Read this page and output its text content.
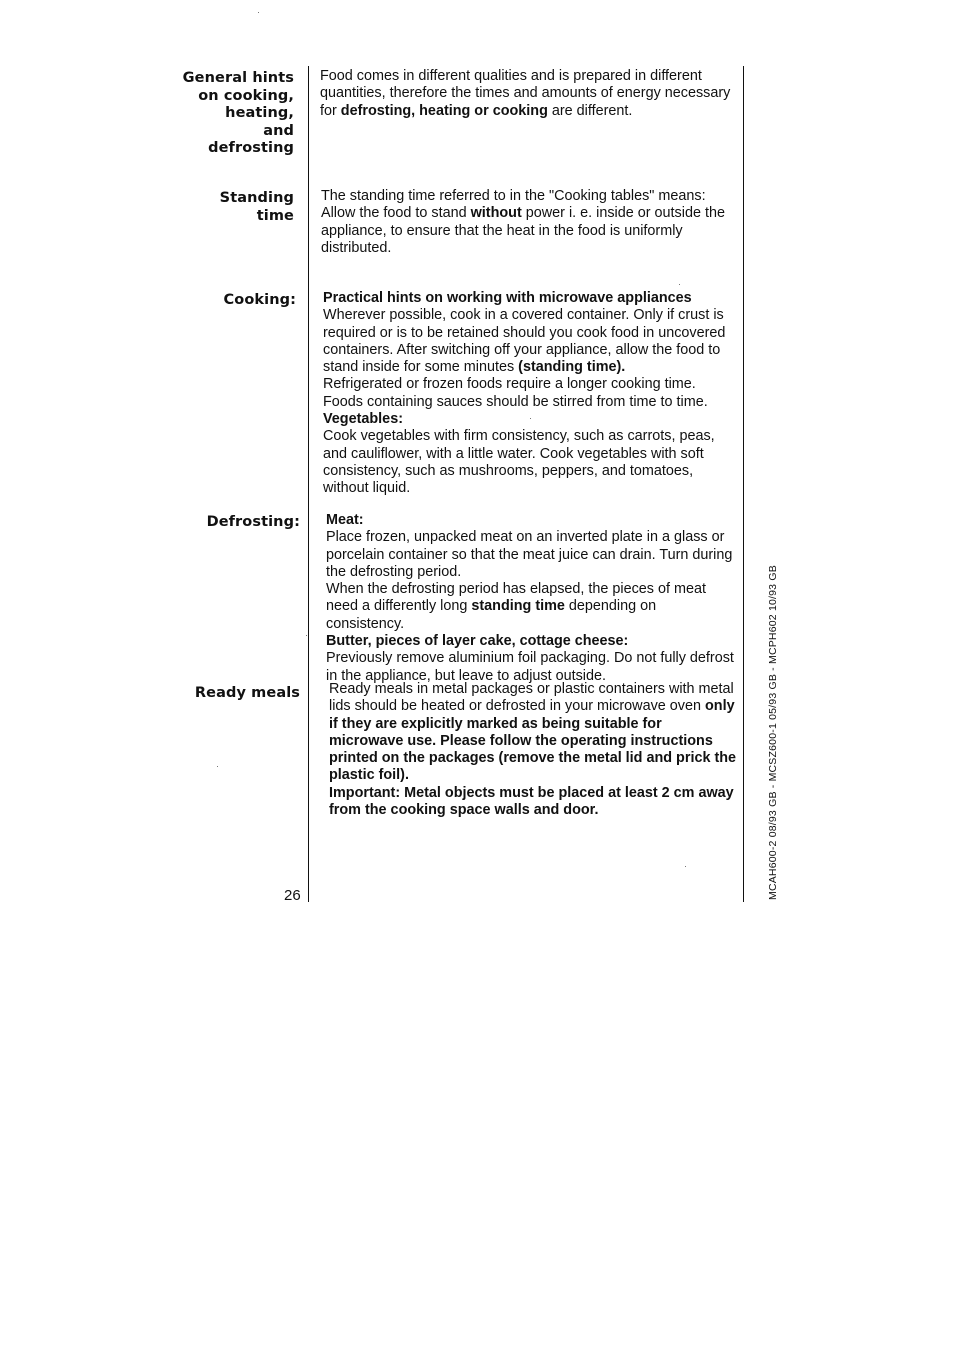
General hints
on cooking,
heating,
and
defrosting

Food comes in different qualities and is prepared in different quantities, therefore the times and amounts of energy necessary for defrosting, heating or cooking are different.

Standing
time

The standing time referred to in the "Cooking tables" means: Allow the food to stand without power i. e. inside or outside the appliance, to ensure that the heat in the food is uniformly distributed.

Cooking: Practical hints on working with microwave appliances

Wherever possible, cook in a covered container. Only if crust is required or is to be retained should you cook food in uncovered containers. After switching off your appliance, allow the food to stand inside for some minutes (standing time).

Refrigerated or frozen foods require a longer cooking time.

Foods containing sauces should be stirred from time to time.

Vegetables:

Cook vegetables with firm consistency, such as carrots, peas, and cauliflower, with a little water. Cook vegetables with soft consistency, such as mushrooms, peppers, and tomatoes, without liquid.

Defrosting: Meat:

Place frozen, unpacked meat on an inverted plate in a glass or porcelain container so that the meat juice can drain. Turn during the defrosting period.

When the defrosting period has elapsed, the pieces of meat need a differently long standing time depending on consistency.

Butter, pieces of layer cake, cottage cheese:

Previously remove aluminium foil packaging. Do not fully defrost in the appliance, but leave to adjust outside.

Ready meals Ready meals in metal packages or plastic containers with metal lids should be heated or defrosted in your microwave oven only if they are explicitly marked as being suitable for microwave use. Please follow the operating instructions printed on the packages (remove the metal lid and prick the plastic foil).

Important: Metal objects must be placed at least 2 cm away from the cooking space walls and door.

26	MCAH600-2 08/93 GB - MCSZ600-1 05/93 GB - MCPH602 10/93 GB
